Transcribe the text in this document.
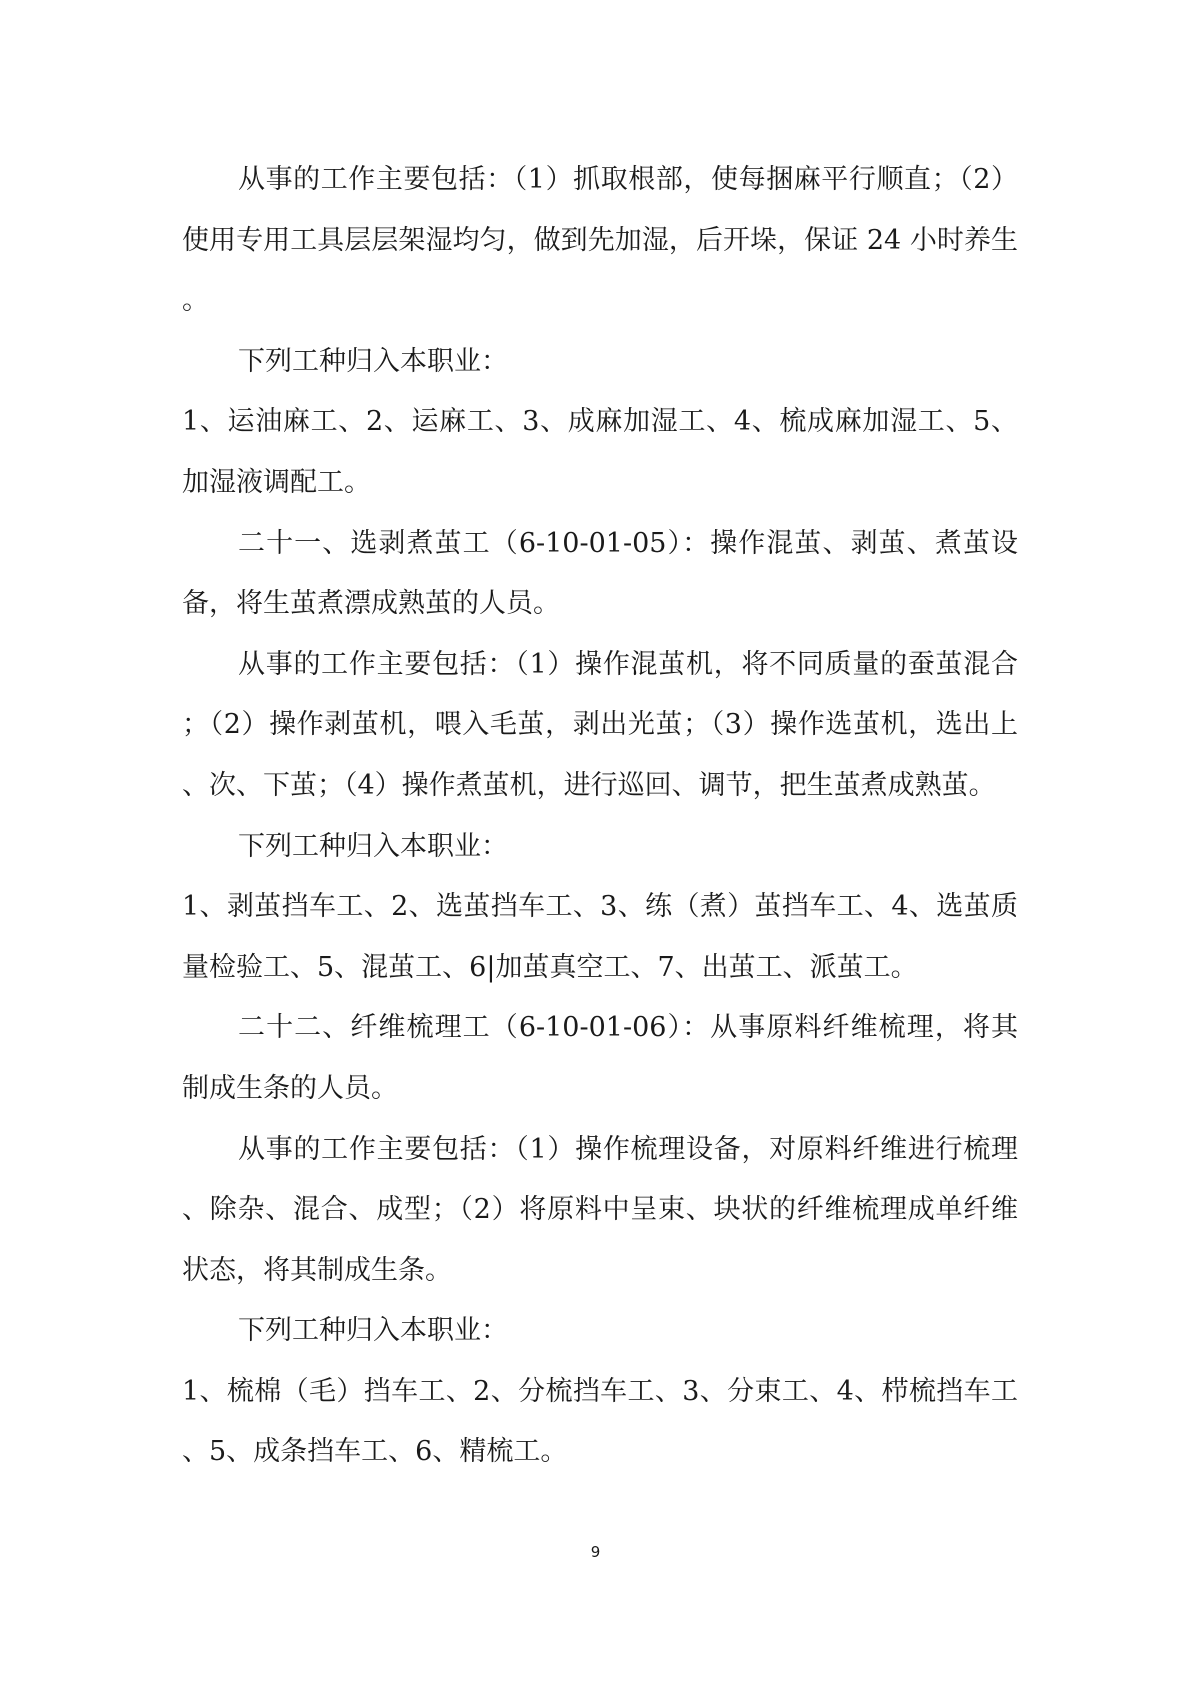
从事的工作主要包括：（1）抓取根部，使每捆麻平行顺直；（2）使用专用工具层层架湿均匀，做到先加湿，后开垛，保证 24 小时养生。

下列工种归入本职业：

1、运油麻工、2、运麻工、3、成麻加湿工、4、梳成麻加湿工、5、加湿液调配工。

二十一、选剥煮茧工（6-10-01-05）：操作混茧、剥茧、煮茧设备，将生茧煮漂成熟茧的人员。

从事的工作主要包括：（1）操作混茧机，将不同质量的蚕茧混合；（2）操作剥茧机，喂入毛茧，剥出光茧；（3）操作选茧机，选出上、次、下茧；（4）操作煮茧机，进行巡回、调节，把生茧煮成熟茧。

下列工种归入本职业：

1、剥茧挡车工、2、选茧挡车工、3、练（煮）茧挡车工、4、选茧质量检验工、5、混茧工、6|加茧真空工、7、出茧工、派茧工。

二十二、纤维梳理工（6-10-01-06）：从事原料纤维梳理，将其制成生条的人员。

从事的工作主要包括：（1）操作梳理设备，对原料纤维进行梳理、除杂、混合、成型；（2）将原料中呈束、块状的纤维梳理成单纤维状态，将其制成生条。

下列工种归入本职业：

1、梳棉（毛）挡车工、2、分梳挡车工、3、分束工、4、栉梳挡车工、5、成条挡车工、6、精梳工。

9
